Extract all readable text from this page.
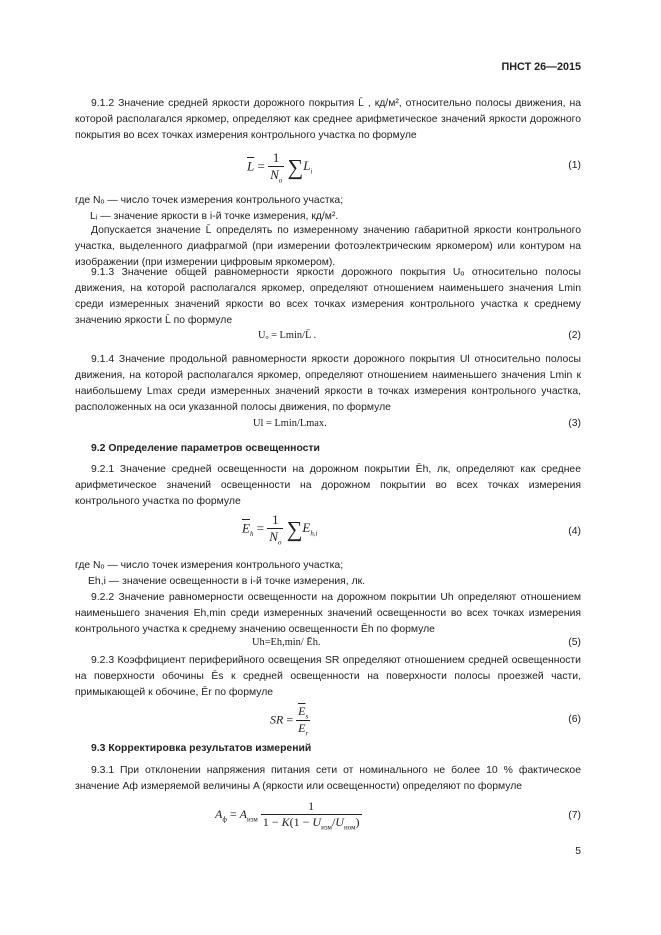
ПНСТ 26—2015
9.1.2 Значение средней яркости дорожного покрытия L̄ , кд/м², относительно полосы движения, на которой располагался яркомер, определяют как среднее арифметическое значений яркости дорожного покрытия во всех точках измерения контрольного участка по формуле
$\overline{L} = \frac{1}{N_o} \sum L_i$
(1)
где Nₒ — число точек измерения контрольного участка;
Lᵢ — значение яркости в i-й точке измерения, кд/м².
Допускается значение L̄ определять по измеренному значению габаритной яркости контрольного участка, выделенного диафрагмой (при измерении фотоэлектрическим яркомером) или контуром на изображении (при измерении цифровым яркомером).
9.1.3 Значение общей равномерности яркости дорожного покрытия Uₒ относительно полосы движения, на которой располагался яркомер, определяют отношением наименьшего значения Lmin среди измеренных значений яркости во всех точках измерения контрольного участка к среднему значению яркости L̄ по формуле
Uₒ = Lmin/L̄ .	(2)
9.1.4 Значение продольной равномерности яркости дорожного покрытия Ul относительно полосы движения, на которой располагался яркомер, определяют отношением наименьшего значения Lmin к наибольшему Lmax среди измеренных значений яркости в точках измерения контрольного участка, расположенных на оси указанной полосы движения, по формуле
Ul = Lmin/Lmax.	(3)
9.2 Определение параметров освещенности
9.2.1 Значение средней освещенности на дорожном покрытии Ēh, лк, определяют как среднее арифметическое значений освещенности на дорожном покрытии во всех точках измерения контрольного участка по формуле
$\overline{E}_h = \frac{1}{N_o} \sum E_{h,i}$	(4)
где Nₒ — число точек измерения контрольного участка;
Eh,i — значение освещенности в i-й точке измерения, лк.
9.2.2 Значение равномерности освещенности на дорожном покрытии Uh определяют отношением наименьшего значения Eh,min среди измеренных значений освещенности во всех точках измерения контрольного участка к среднему значению освещенности Ēh по формуле
Uh=Eh,min/ Ēh.	(5)
9.2.3 Коэффициент периферийного освещения SR определяют отношением средней освещенности на поверхности обочины Ēs к средней освещенности на поверхности полосы проезжей части, примыкающей к обочине, Ēr по формуле
SR = $\frac{\overline{E}_s}{\overline{E}_r}$	(6)
9.3 Корректировка результатов измерений
9.3.1 При отклонении напряжения питания сети от номинального не более 10 % фактическое значение Aф измеряемой величины A (яркости или освещенности) определяют по формуле
$A_ф = A_{изм} \frac{1}{1 - K(1 - U_{изм}/U_{ном})}$	(7)
5
